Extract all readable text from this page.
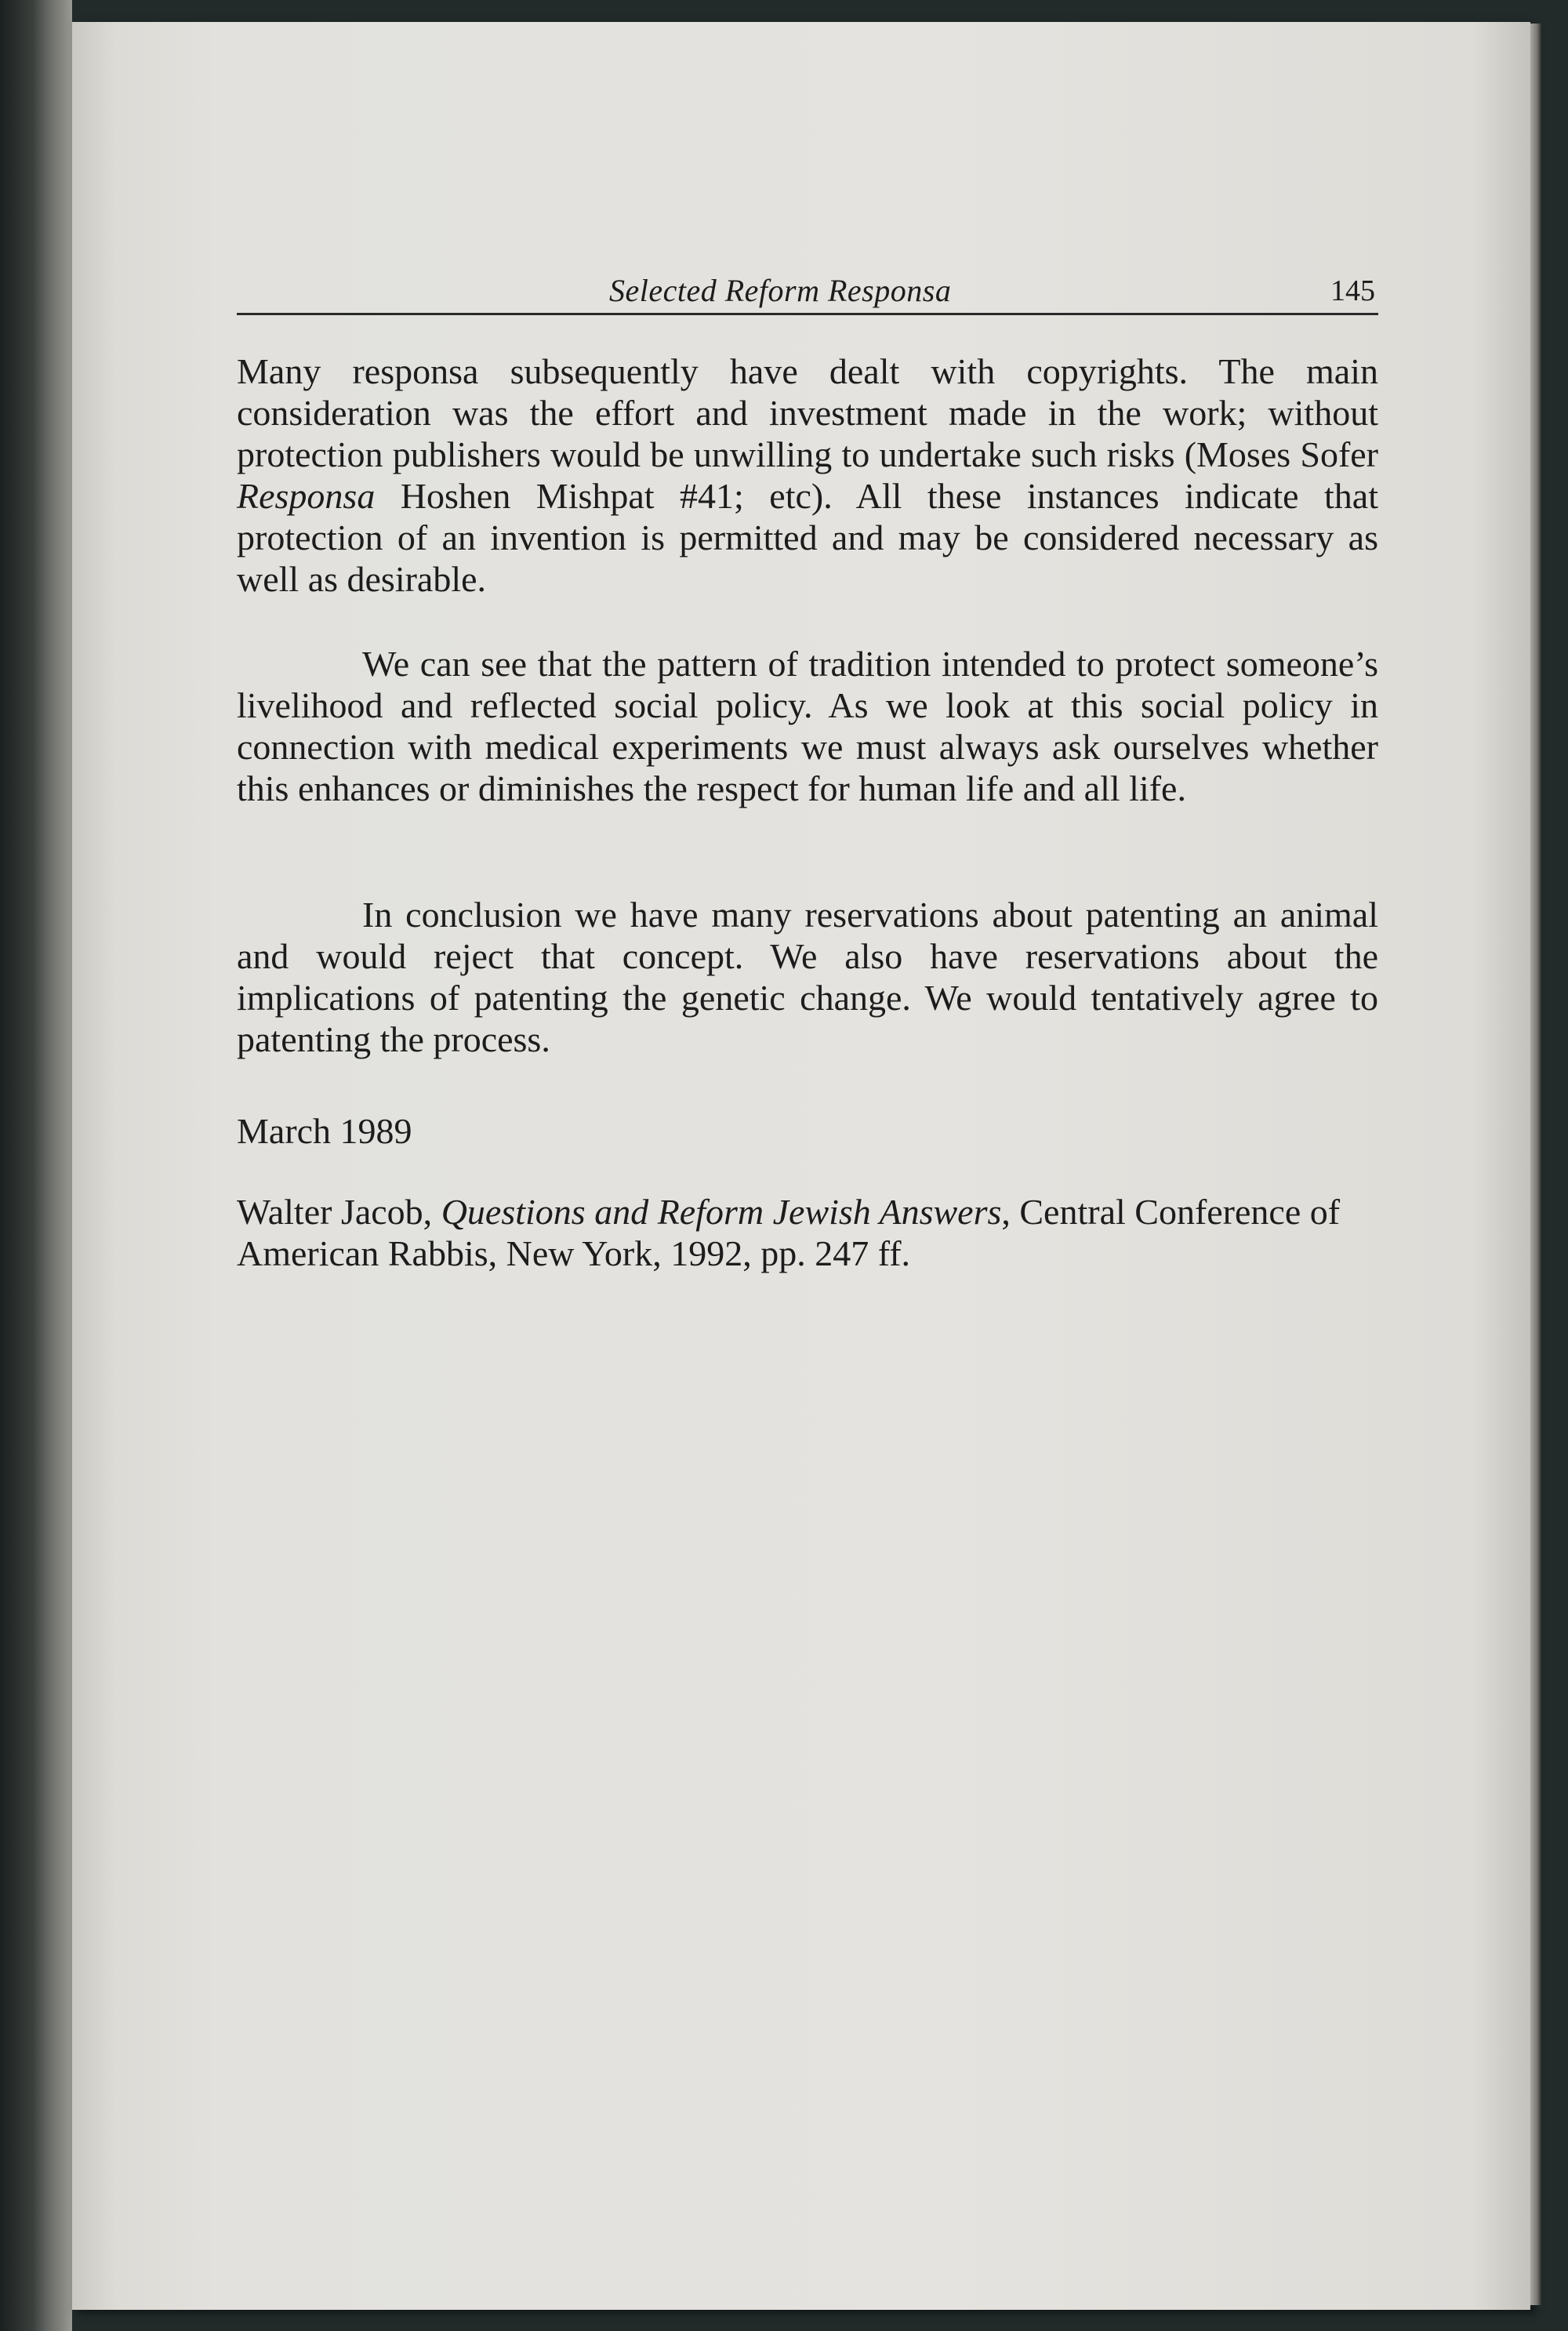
Selected Reform Responsa	145

Many responsa subsequently have dealt with copyrights. The main consideration was the effort and investment made in the work; without protection publishers would be unwilling to undertake such risks (Moses Sofer Responsa Hoshen Mishpat #41; etc). All these instances indicate that protection of an invention is permitted and may be considered necessary as well as desirable.

We can see that the pattern of tradition intended to protect someone’s livelihood and reflected social policy. As we look at this social policy in connection with medical experiments we must always ask ourselves whether this enhances or diminishes the respect for human life and all life.

In conclusion we have many reservations about patenting an animal and would reject that concept. We also have reservations about the implications of patenting the genetic change. We would tentatively agree to patenting the process.

March 1989

Walter Jacob, Questions and Reform Jewish Answers, Central Conference of American Rabbis, New York, 1992, pp. 247 ff.
